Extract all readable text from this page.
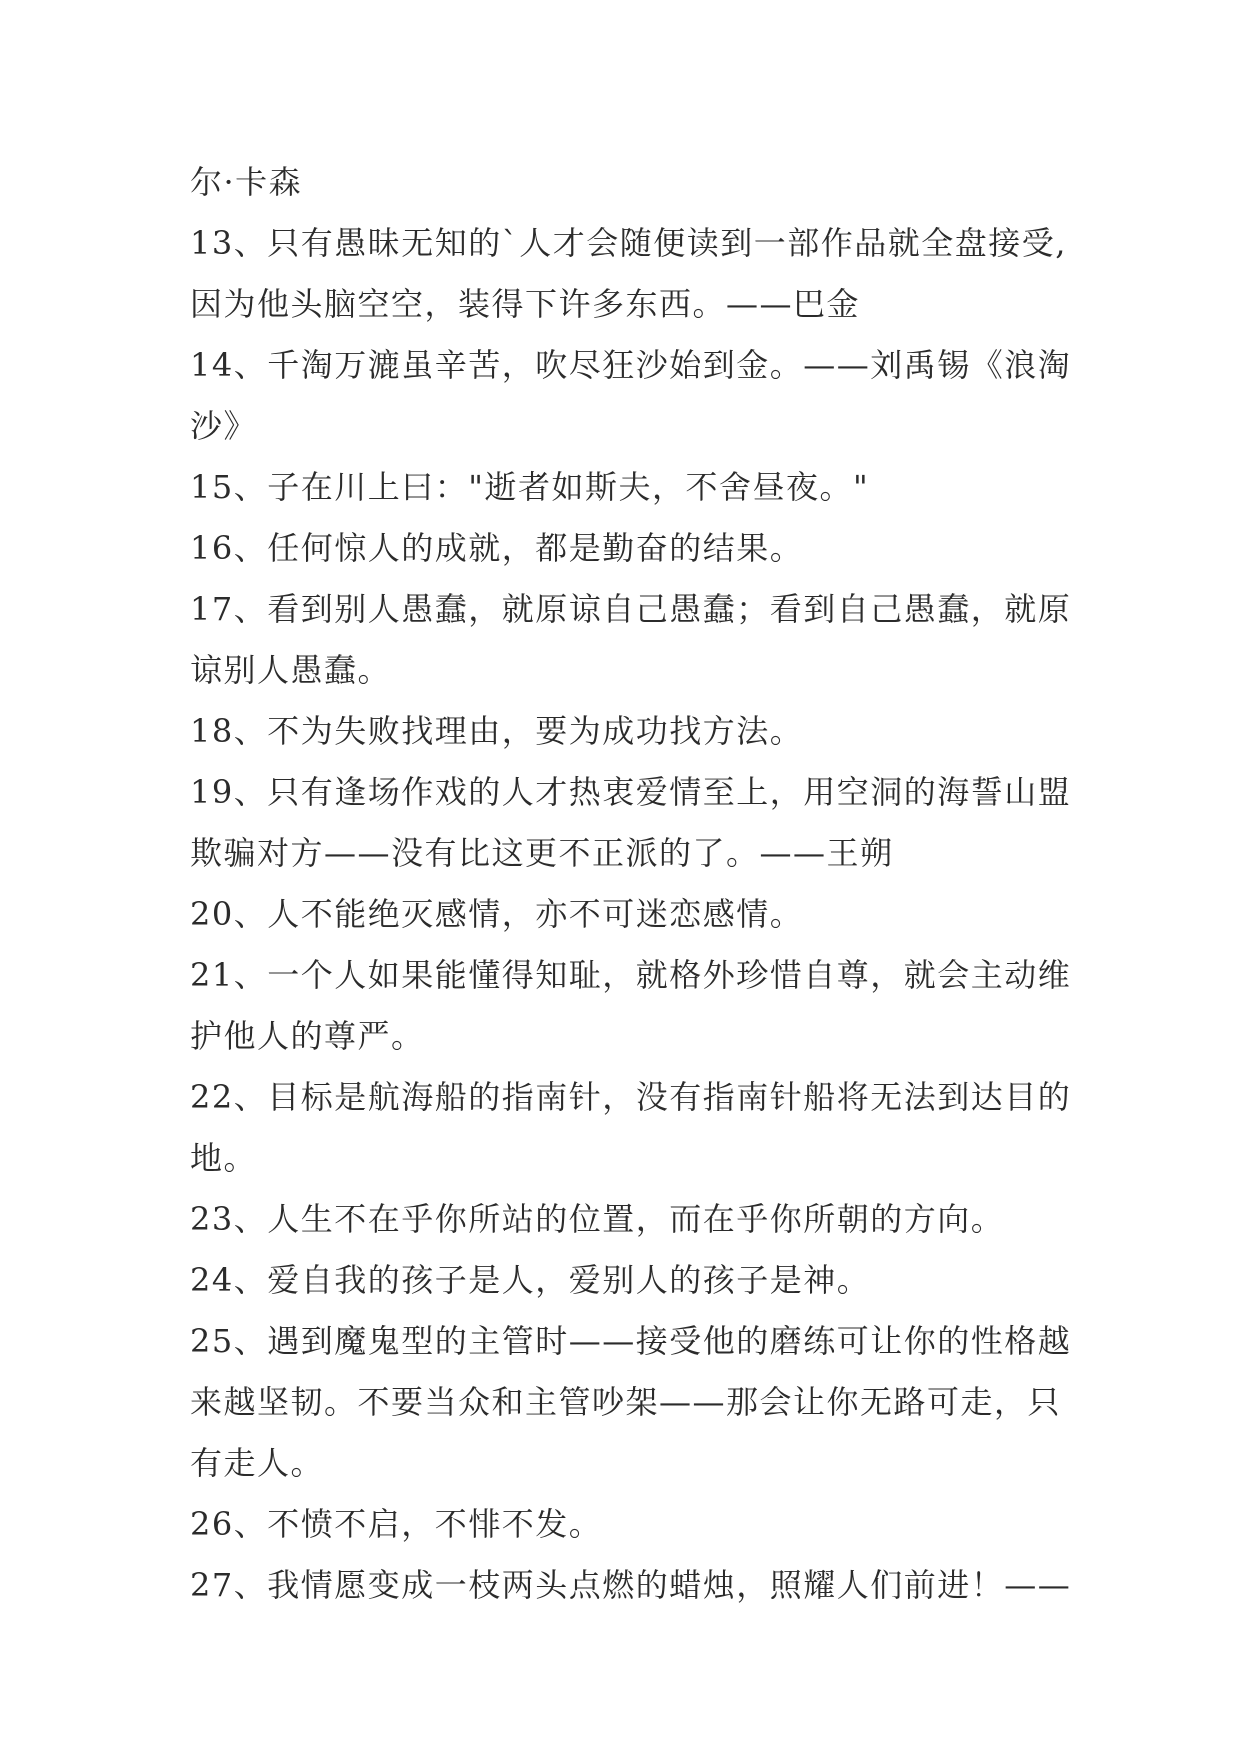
尔·卡森
13、只有愚昧无知的`人才会随便读到一部作品就全盘接受,
因为他头脑空空，装得下许多东西。——巴金
14、千淘万漉虽辛苦，吹尽狂沙始到金。——刘禹锡《浪淘
沙》
15、子在川上曰："逝者如斯夫，不舍昼夜。"
16、任何惊人的成就，都是勤奋的结果。
17、看到别人愚蠢，就原谅自己愚蠢；看到自己愚蠢，就原
谅别人愚蠢。
18、不为失败找理由，要为成功找方法。
19、只有逢场作戏的人才热衷爱情至上，用空洞的海誓山盟
欺骗对方——没有比这更不正派的了。——王朔
20、人不能绝灭感情，亦不可迷恋感情。
21、一个人如果能懂得知耻，就格外珍惜自尊，就会主动维
护他人的尊严。
22、目标是航海船的指南针，没有指南针船将无法到达目的
地。
23、人生不在乎你所站的位置，而在乎你所朝的方向。
24、爱自我的孩子是人，爱别人的孩子是神。
25、遇到魔鬼型的主管时——接受他的磨练可让你的性格越
来越坚韧。不要当众和主管吵架——那会让你无路可走，只
有走人。
26、不愤不启，不悱不发。
27、我情愿变成一枝两头点燃的蜡烛，照耀人们前进！——
